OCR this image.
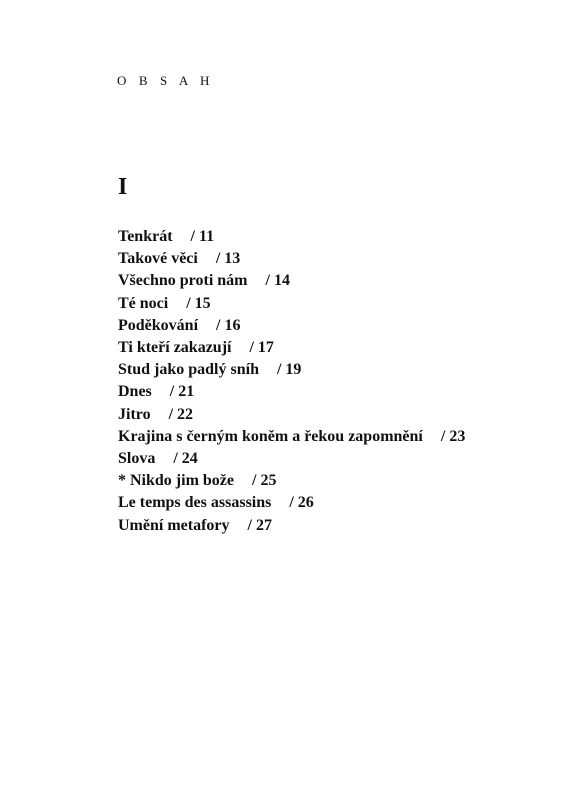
O B S A H
I
Tenkrát / 11
Takové věci / 13
Všechno proti nám / 14
Té noci / 15
Poděkování / 16
Ti kteří zakazují / 17
Stud jako padlý sníh / 19
Dnes / 21
Jitro / 22
Krajina s černým koněm a řekou zapomnění / 23
Slova / 24
* Nikdo jim bože / 25
Le temps des assassins / 26
Umění metafory / 27
